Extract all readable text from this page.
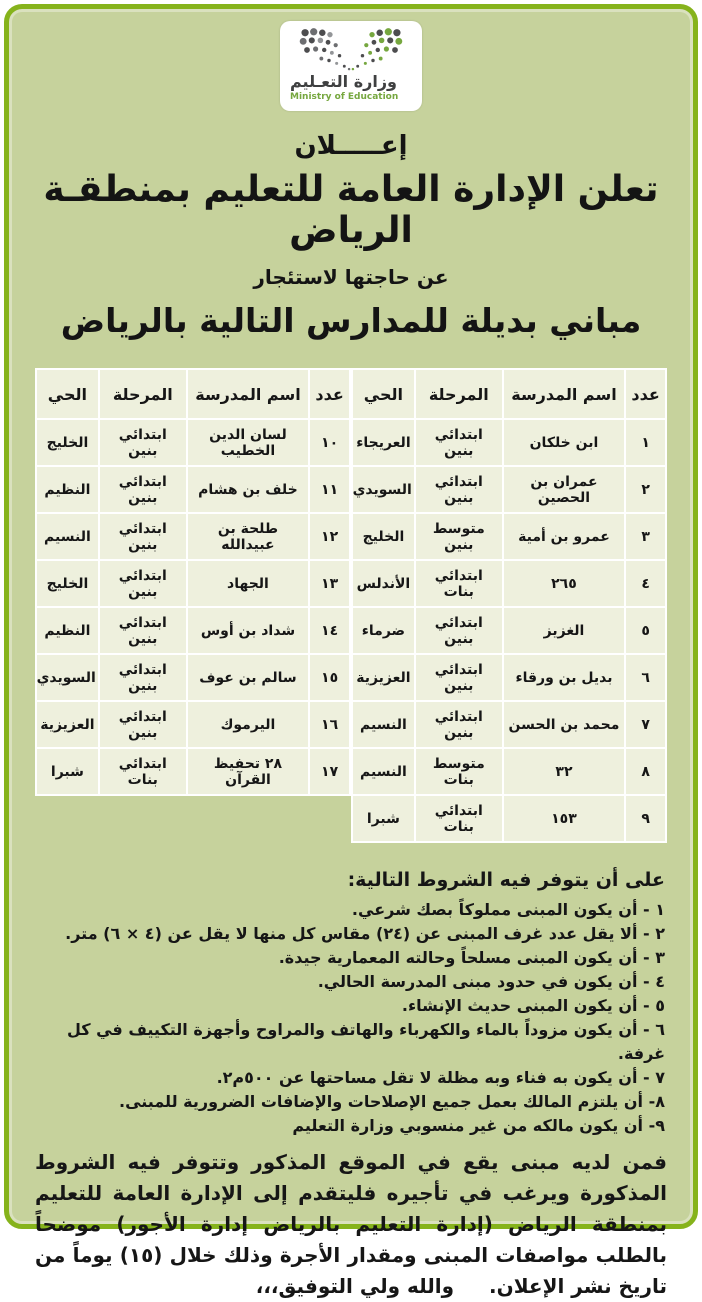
وزارة التعـليم
Ministry of Education
إعـــــلان
تعلن الإدارة العامة للتعليم بمنطقـة الرياض
عن حاجتها لاستئجار
مباني بديلة للمدارس التالية بالرياض
عدد	اسم المدرسة	المرحلة	الحي
١	ابن خلكان	ابتدائي بنين	العريجاء
٢	عمران بن الحصين	ابتدائي بنين	السويدي
٣	عمرو بن أمية	متوسط بنين	الخليج
٤	٢٦٥	ابتدائي بنات	الأندلس
٥	الغزيز	ابتدائي بنين	ضرماء
٦	بديل بن ورقاء	ابتدائي بنين	العزيزية
٧	محمد بن الحسن	ابتدائي بنين	النسيم
٨	٣٢	متوسط بنات	النسيم
٩	١٥٣	ابتدائي بنات	شبرا
عدد	اسم المدرسة	المرحلة	الحي
١٠	لسان الدين الخطيب	ابتدائي بنين	الخليج
١١	خلف بن هشام	ابتدائي بنين	النظيم
١٢	طلحة بن عبيدالله	ابتدائي بنين	النسيم
١٣	الجهاد	ابتدائي بنين	الخليج
١٤	شداد بن أوس	ابتدائي بنين	النظيم
١٥	سالم بن عوف	ابتدائي بنين	السويدي
١٦	اليرموك	ابتدائي بنين	العزيزية
١٧	٢٨ تحفيظ القرآن	ابتدائي بنات	شبرا
على أن يتوفر فيه الشروط التالية:
١ - أن يكون المبنى مملوكاً بصك شرعي.
٢ - ألا يقل عدد غرف المبنى عن (٢٤) مقاس كل منها لا يقل عن (٤ × ٦) متر.
٣ - أن يكون المبنى مسلحاً وحالته المعمارية جيدة.
٤ - أن يكون في حدود مبنى المدرسة الحالي.
٥ - أن يكون المبنى حديث الإنشاء.
٦ - أن يكون مزوداً بالماء والكهرباء والهاتف والمراوح وأجهزة التكييف في كل غرفة.
٧ - أن يكون به فناء وبه مظلة لا تقل مساحتها عن ٥٠٠م٢.
٨- أن يلتزم المالك بعمل جميع الإصلاحات والإضافات الضرورية للمبنى.
٩- أن يكون مالكه من غير منسوبي وزارة التعليم
فمن لديه مبنى يقع في الموقع المذكور وتتوفر فيه الشروط المذكورة ويرغب في تأجيره فليتقدم إلى الإدارة العامة للتعليم بمنطقة الرياض (إدارة التعليم بالرياض إدارة الأجور) موضحاً بالطلب مواصفات المبنى ومقدار الأجرة وذلك خلال (١٥) يوماً من تاريخ نشر الإعلان. والله ولي التوفيق،،،
